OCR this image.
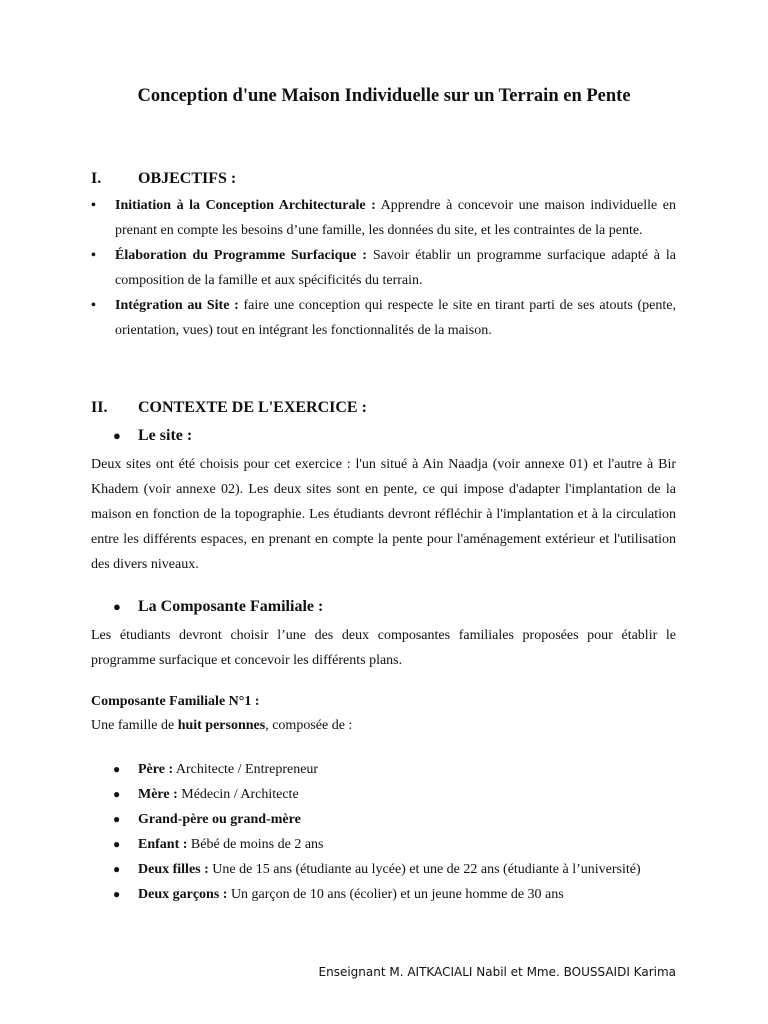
Conception d'une Maison Individuelle sur un Terrain en Pente
I. OBJECTIFS :
• Initiation à la Conception Architecturale : Apprendre à concevoir une maison individuelle en prenant en compte les besoins d’une famille, les données du site, et les contraintes de la pente.
• Élaboration du Programme Surfacique : Savoir établir un programme surfacique adapté à la composition de la famille et aux spécificités du terrain.
• Intégration au Site : faire une conception qui respecte le site en tirant parti de ses atouts (pente, orientation, vues) tout en intégrant les fonctionnalités de la maison.
II. CONTEXTE DE L'EXERCICE :
● Le site :

Deux sites ont été choisis pour cet exercice : l'un situé à Ain Naadja (voir annexe 01) et l'autre à Bir Khadem (voir annexe 02). Les deux sites sont en pente, ce qui impose d'adapter l'implantation de la maison en fonction de la topographie. Les étudiants devront réfléchir à l'implantation et à la circulation entre les différents espaces, en prenant en compte la pente pour l'aménagement extérieur et l'utilisation des divers niveaux.

● La Composante Familiale :

Les étudiants devront choisir l’une des deux composantes familiales proposées pour établir le programme surfacique et concevoir les différents plans.

Composante Familiale N°1 :
Une famille de huit personnes, composée de :
● Père : Architecte / Entrepreneur
● Mère : Médecin / Architecte
● Grand-père ou grand-mère
● Enfant : Bébé de moins de 2 ans
● Deux filles : Une de 15 ans (étudiante au lycée) et une de 22 ans (étudiante à l’université)
● Deux garçons : Un garçon de 10 ans (écolier) et un jeune homme de 30 ans
Enseignant M. AITKACIALI Nabil et Mme. BOUSSAIDI Karima
